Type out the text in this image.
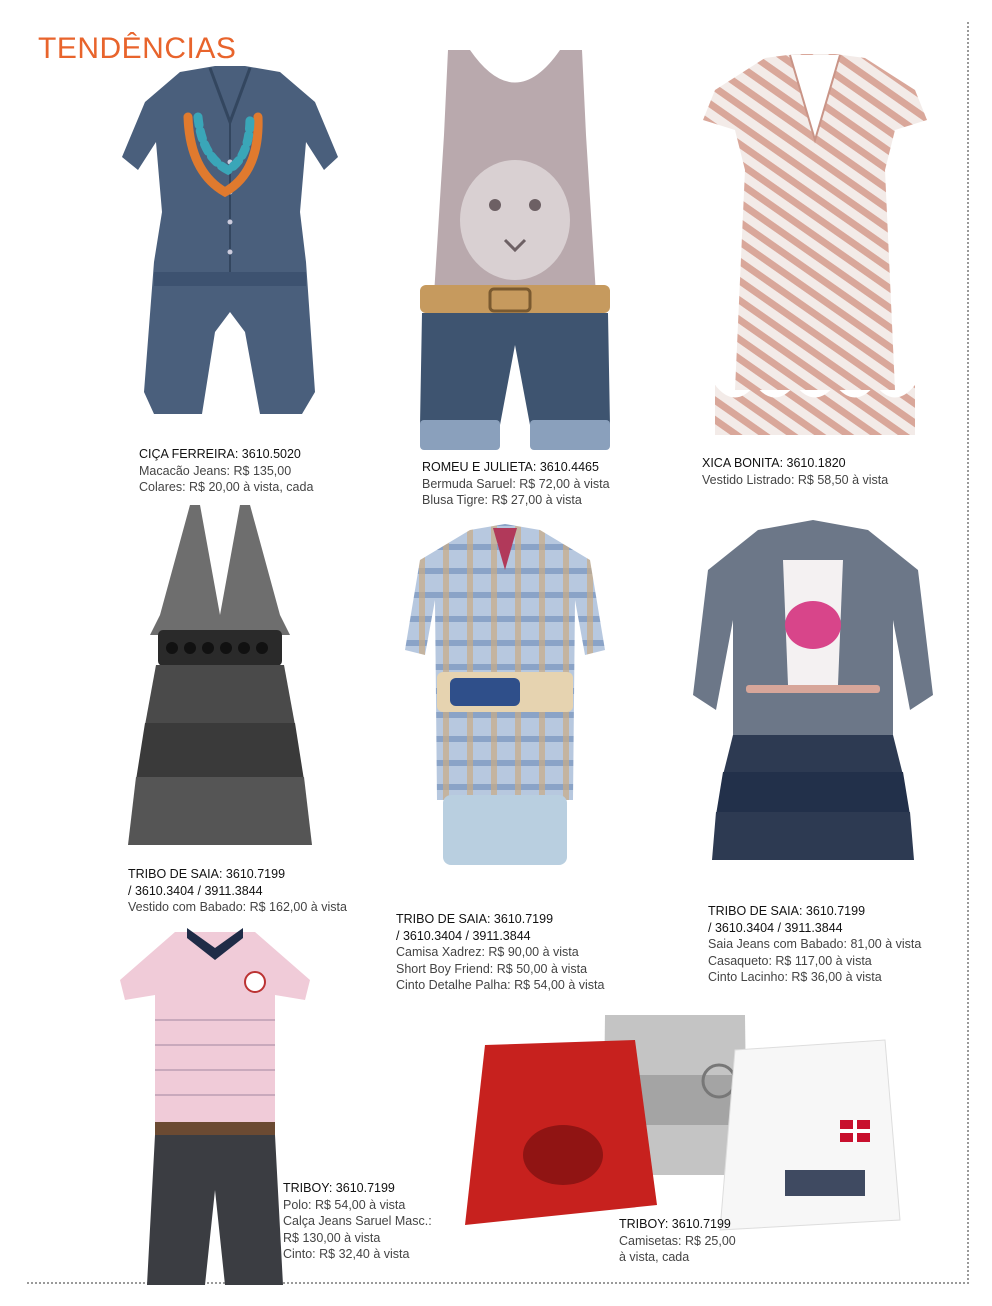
TENDÊNCIAS
CIÇA FERREIRA: 3610.5020
Macacão Jeans: R$ 135,00
Colares: R$ 20,00 à vista, cada
ROMEU E JULIETA: 3610.4465
Bermuda Saruel: R$ 72,00 à vista
Blusa Tigre: R$ 27,00 à vista
XICA BONITA: 3610.1820
Vestido Listrado: R$ 58,50 à vista
TRIBO DE SAIA: 3610.7199
/ 3610.3404 / 3911.3844
Vestido com Babado: R$ 162,00 à vista
TRIBO DE SAIA: 3610.7199
/ 3610.3404 / 3911.3844
Camisa Xadrez: R$ 90,00 à vista
Short Boy Friend: R$ 50,00 à vista
Cinto Detalhe Palha: R$ 54,00 à vista
TRIBO DE SAIA: 3610.7199
/ 3610.3404 / 3911.3844
Saia Jeans com Babado: 81,00 à vista
Casaqueto: R$ 117,00 à vista
Cinto Lacinho: R$ 36,00 à vista
TRIBOY: 3610.7199
Polo: R$ 54,00 à vista
Calça Jeans Saruel Masc.:
R$ 130,00 à vista
Cinto: R$ 32,40 à vista
TRIBOY: 3610.7199
Camisetas: R$ 25,00
à vista, cada
